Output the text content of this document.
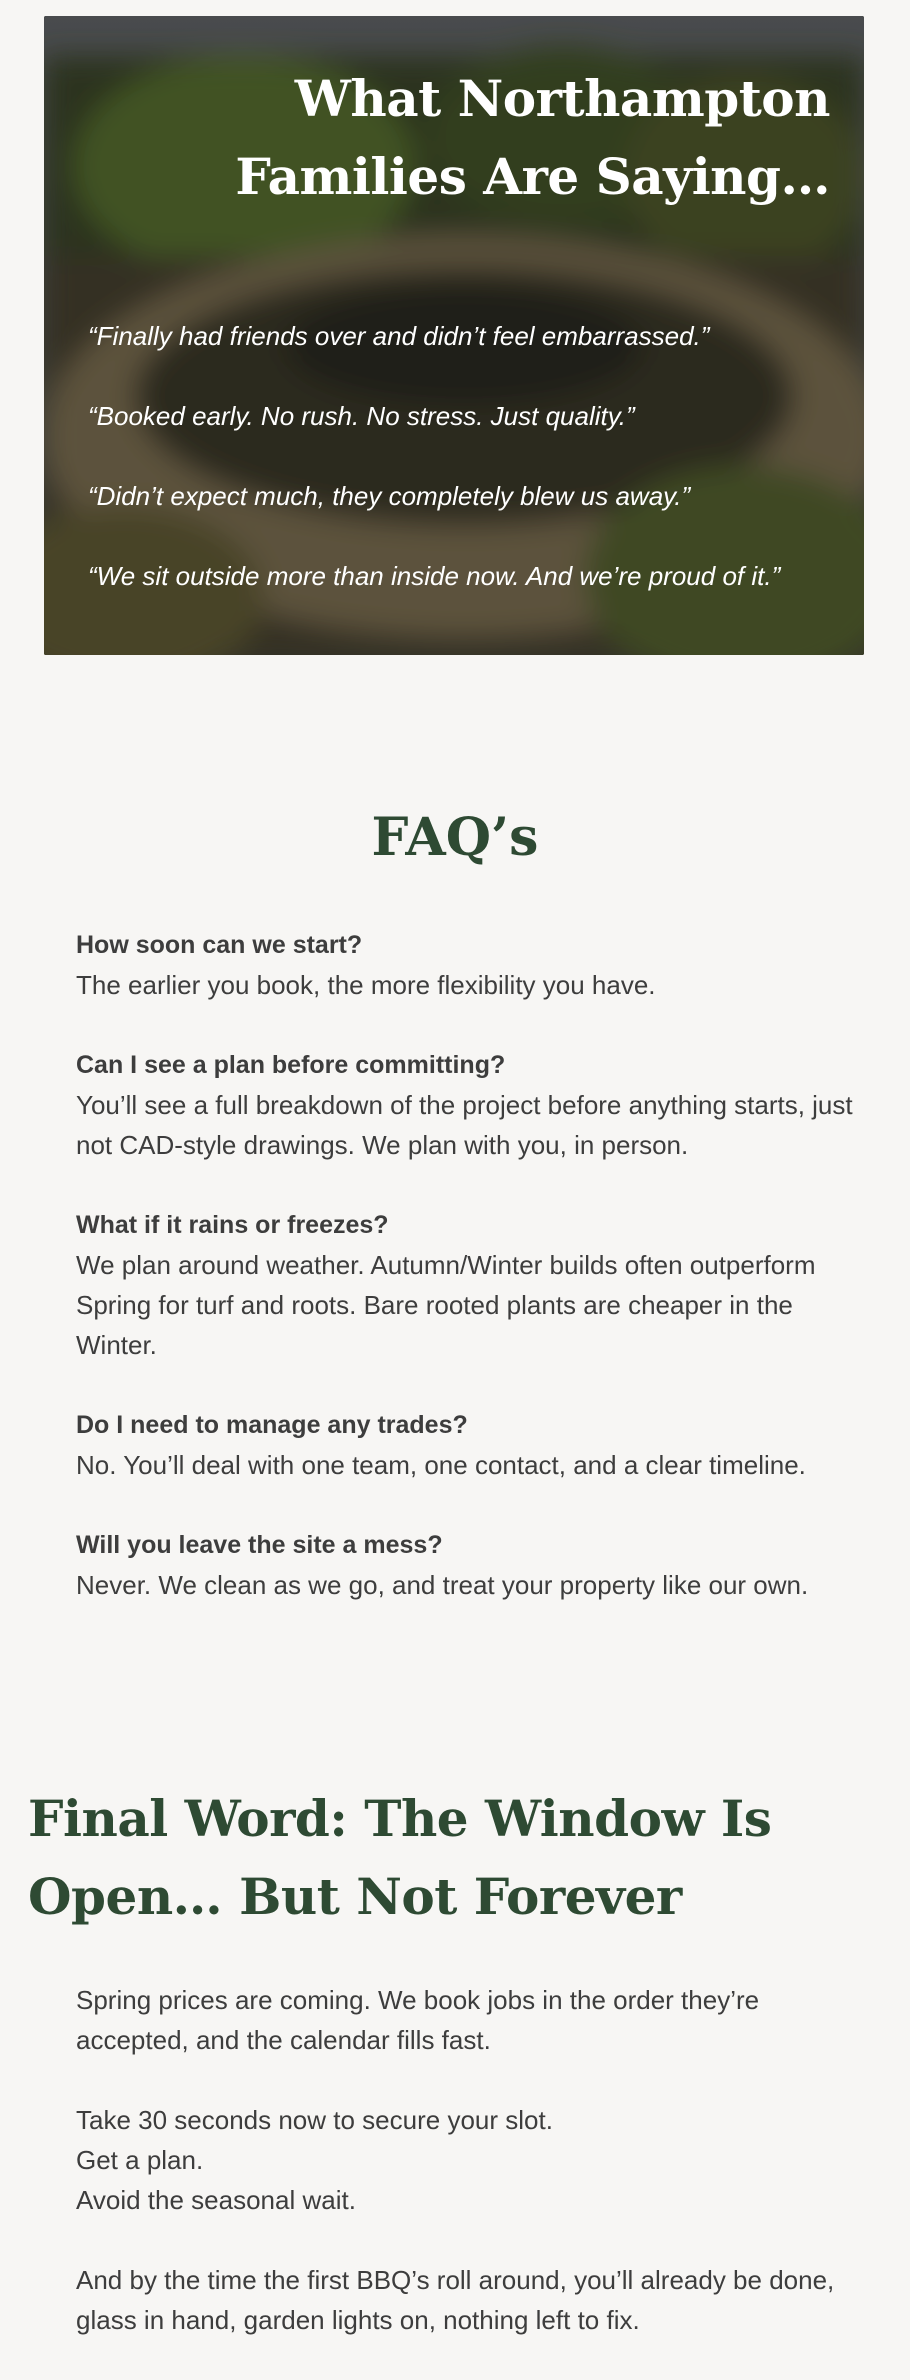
What Northampton Families Are Saying…

“Finally had friends over and didn’t feel embarrassed.”

“Booked early. No rush. No stress. Just quality.”

“Didn’t expect much, they completely blew us away.”

“We sit outside more than inside now. And we’re proud of it.”

FAQ’s

How soon can we start?

The earlier you book, the more flexibility you have.

Can I see a plan before committing?

You’ll see a full breakdown of the project before anything starts, just not CAD-style drawings. We plan with you, in person.

What if it rains or freezes?

We plan around weather. Autumn/Winter builds often outperform Spring for turf and roots. Bare rooted plants are cheaper in the Winter.

Do I need to manage any trades?

No. You’ll deal with one team, one contact, and a clear timeline.

Will you leave the site a mess?

Never. We clean as we go, and treat your property like our own.

Final Word: The Window Is Open… But Not Forever

Spring prices are coming. We book jobs in the order they’re accepted, and the calendar fills fast.

Take 30 seconds now to secure your slot.
Get a plan.
Avoid the seasonal wait.

And by the time the first BBQ’s roll around, you’ll already be done, glass in hand, garden lights on, nothing left to fix.
